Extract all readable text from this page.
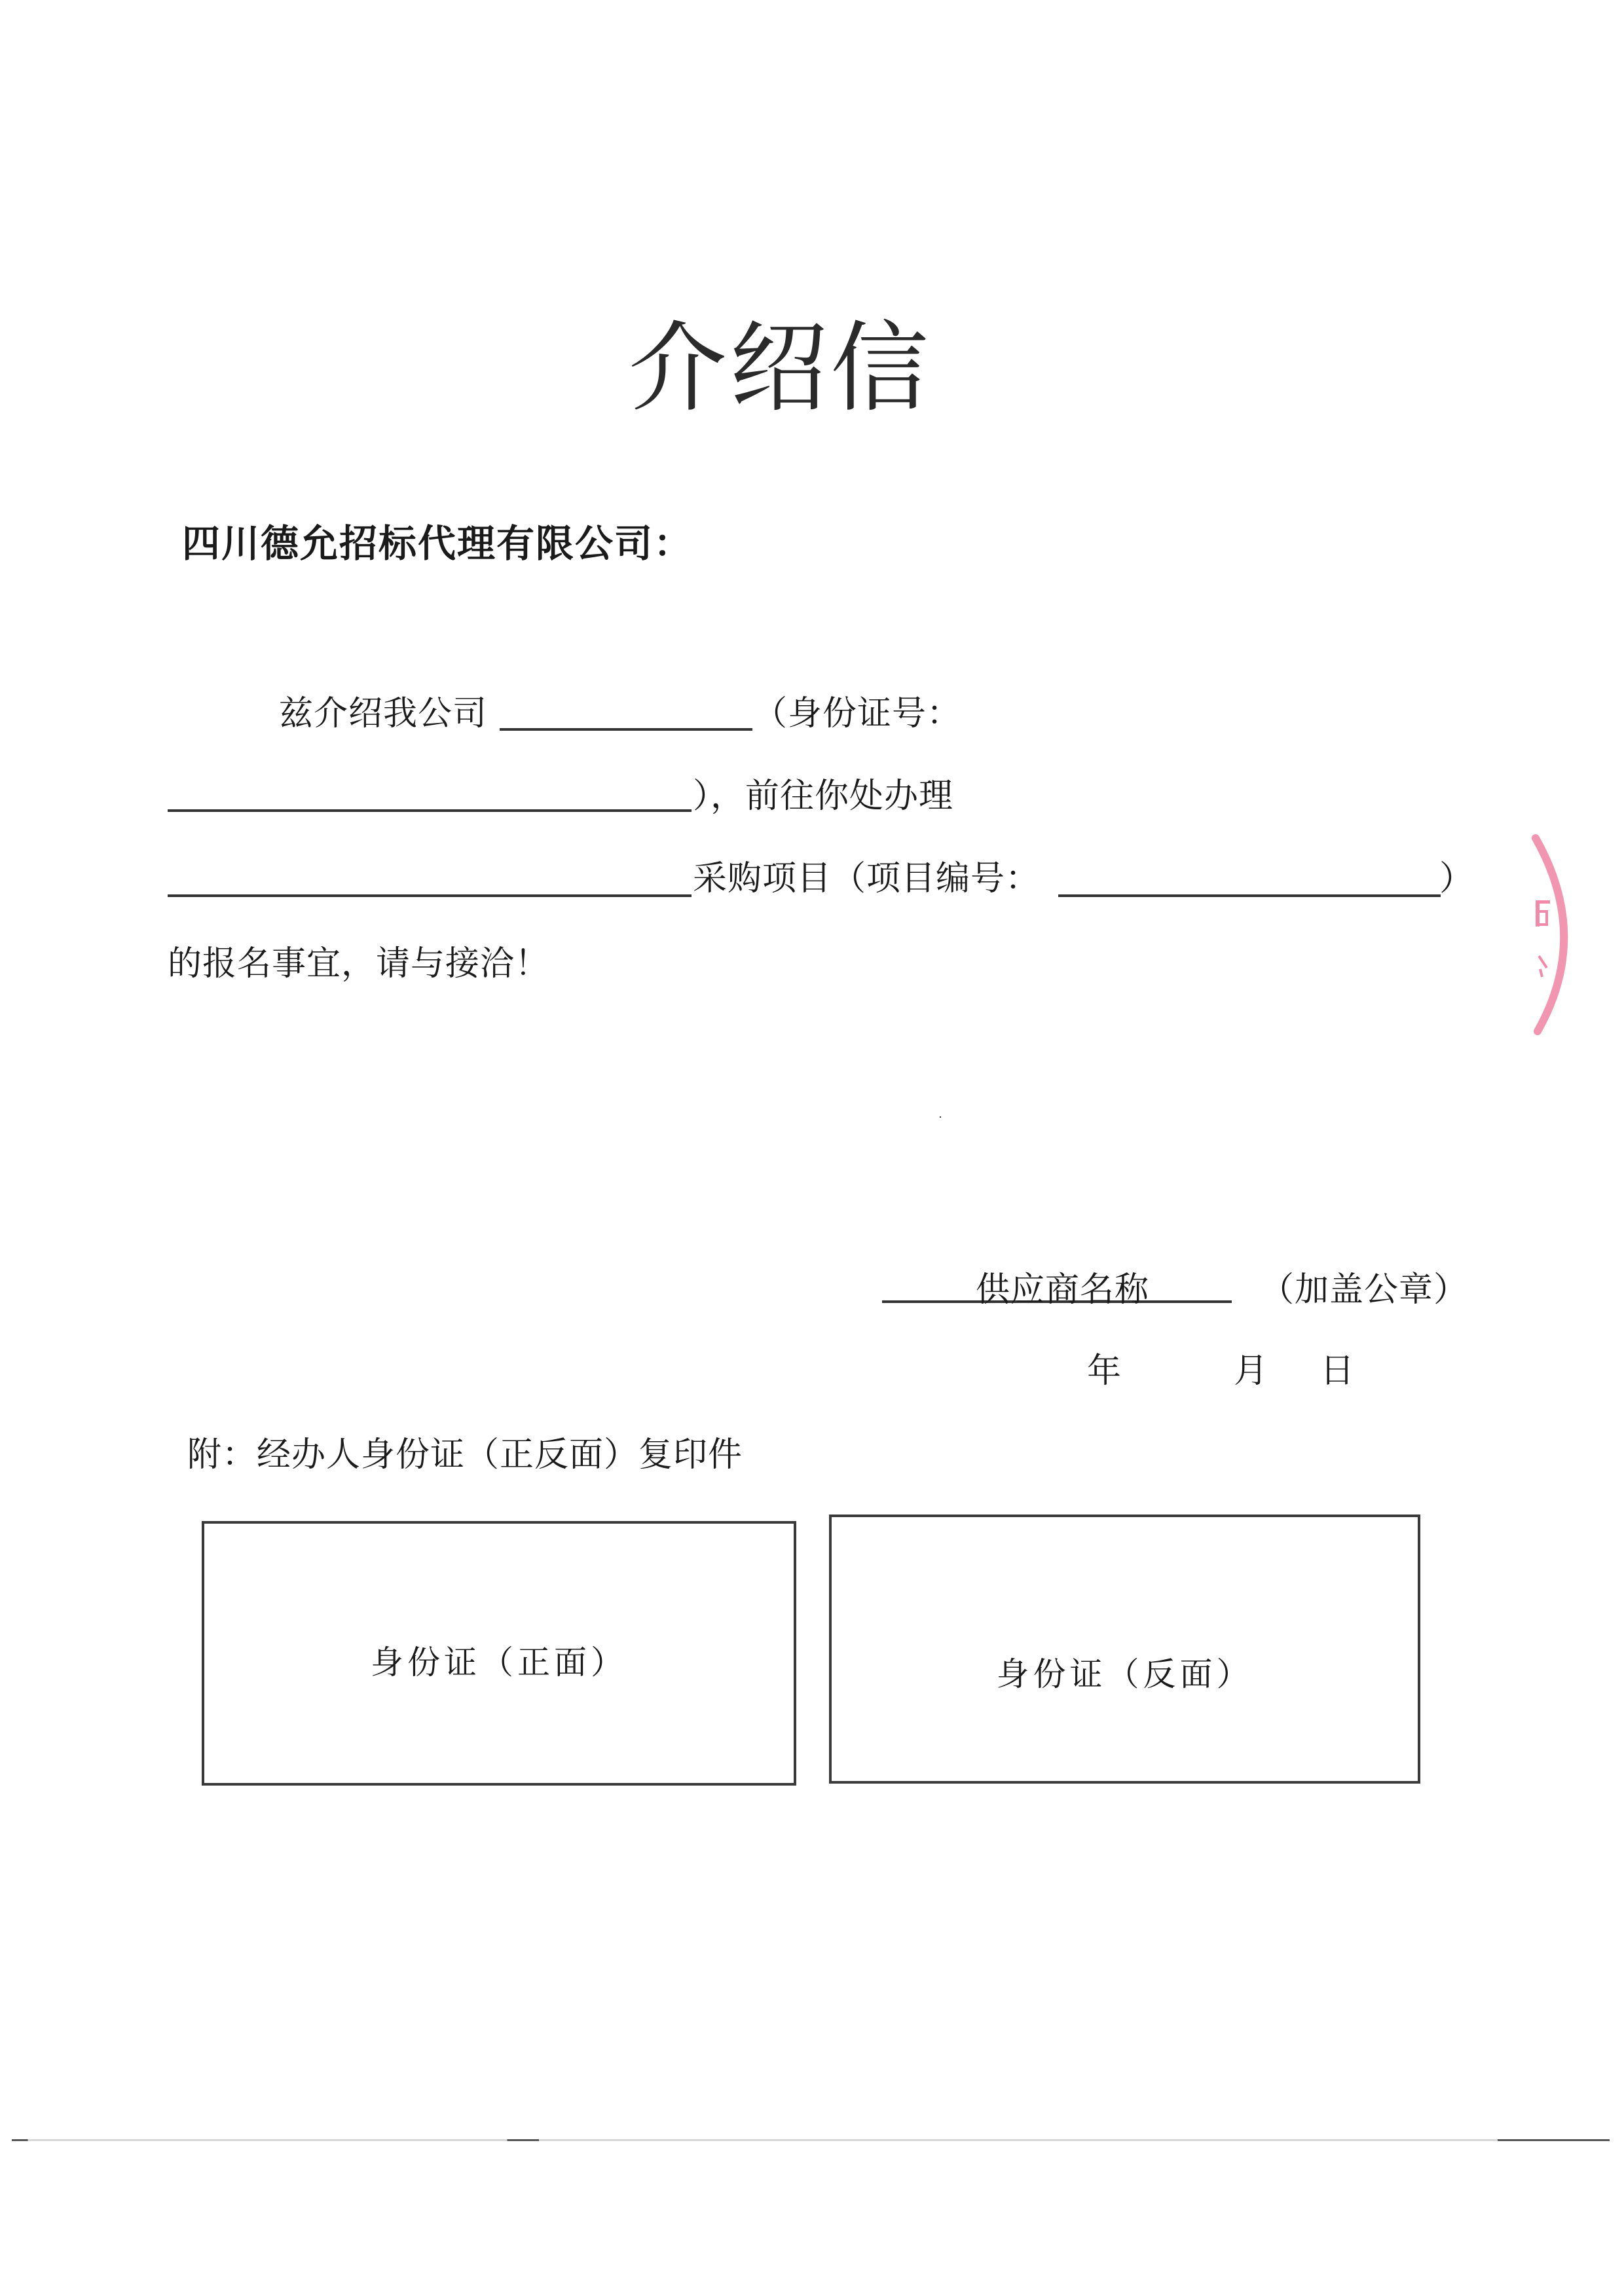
介绍信
四川德允招标代理有限公司：
兹介绍我公司	（身份证号：
），前往你处办理
采购项目（项目编号：	）
的报名事宜，请与接洽！
供应商名称	（加盖公章）
年	月 日
附：经办人身份证（正反面）复印件
身份证（正面）	身份证（反面）
